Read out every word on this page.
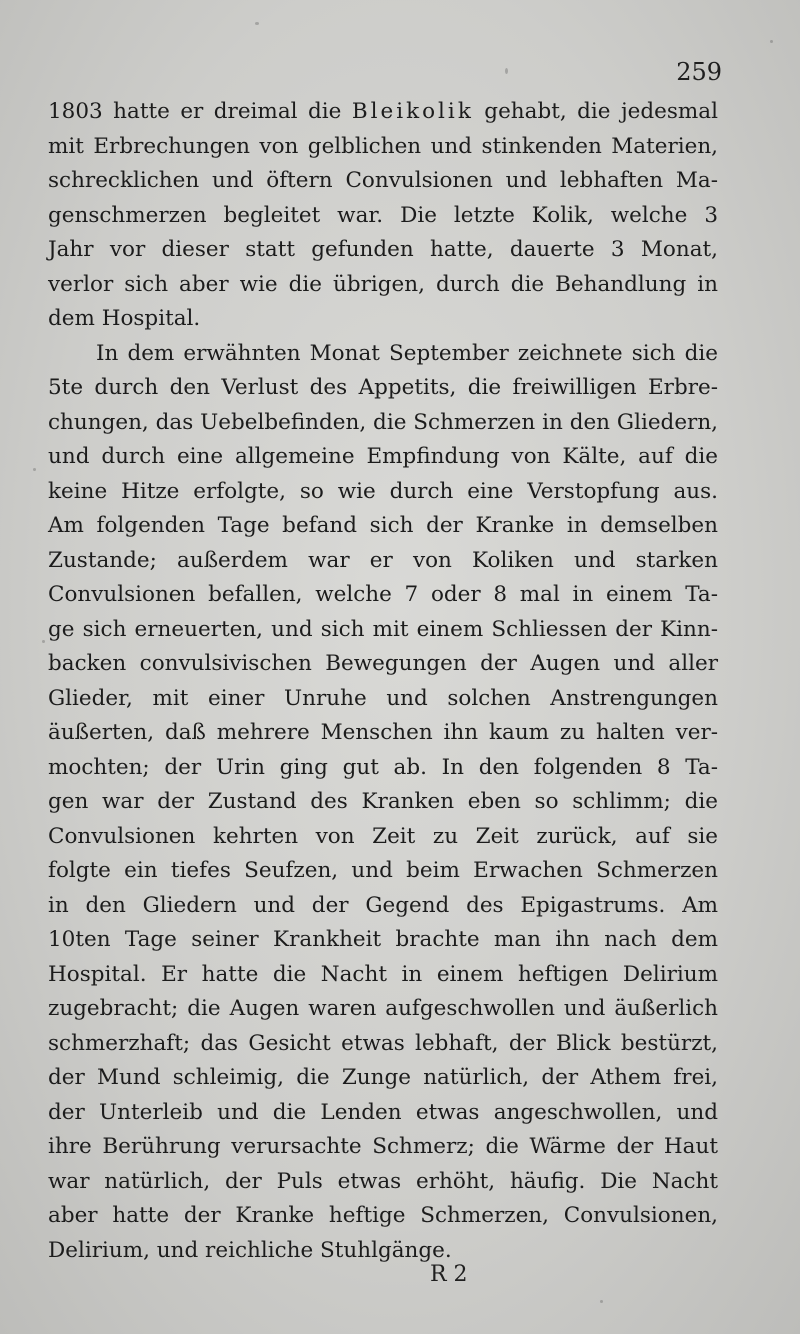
259
1803 hatte er dreimal die Bleikolik gehabt, die jedesmal
mit Erbrechungen von gelblichen und stinkenden Materien,
schrecklichen und öftern Convulsionen und lebhaften Ma-
genschmerzen begleitet war. Die letzte Kolik, welche 3
Jahr vor dieser statt gefunden hatte, dauerte 3 Monat,
verlor sich aber wie die übrigen, durch die Behandlung in
dem Hospital.
In dem erwähnten Monat September zeichnete sich die
5te durch den Verlust des Appetits, die freiwilligen Erbre-
chungen, das Uebelbefinden, die Schmerzen in den Gliedern,
und durch eine allgemeine Empfindung von Kälte, auf die
keine Hitze erfolgte, so wie durch eine Verstopfung aus.
Am folgenden Tage befand sich der Kranke in demselben
Zustande; außerdem war er von Koliken und starken
Convulsionen befallen, welche 7 oder 8 mal in einem Ta-
ge sich erneuerten, und sich mit einem Schliessen der Kinn-
backen convulsivischen Bewegungen der Augen und aller
Glieder, mit einer Unruhe und solchen Anstrengungen
äußerten, daß mehrere Menschen ihn kaum zu halten ver-
mochten; der Urin ging gut ab. In den folgenden 8 Ta-
gen war der Zustand des Kranken eben so schlimm; die
Convulsionen kehrten von Zeit zu Zeit zurück, auf sie
folgte ein tiefes Seufzen, und beim Erwachen Schmerzen
in den Gliedern und der Gegend des Epigastrums. Am
10ten Tage seiner Krankheit brachte man ihn nach dem
Hospital. Er hatte die Nacht in einem heftigen Delirium
zugebracht; die Augen waren aufgeschwollen und äußerlich
schmerzhaft; das Gesicht etwas lebhaft, der Blick bestürzt,
der Mund schleimig, die Zunge natürlich, der Athem frei,
der Unterleib und die Lenden etwas angeschwollen, und
ihre Berührung verursachte Schmerz; die Wärme der Haut
war natürlich, der Puls etwas erhöht, häufig. Die Nacht
aber hatte der Kranke heftige Schmerzen, Convulsionen,
Delirium, und reichliche Stuhlgänge.
R 2
